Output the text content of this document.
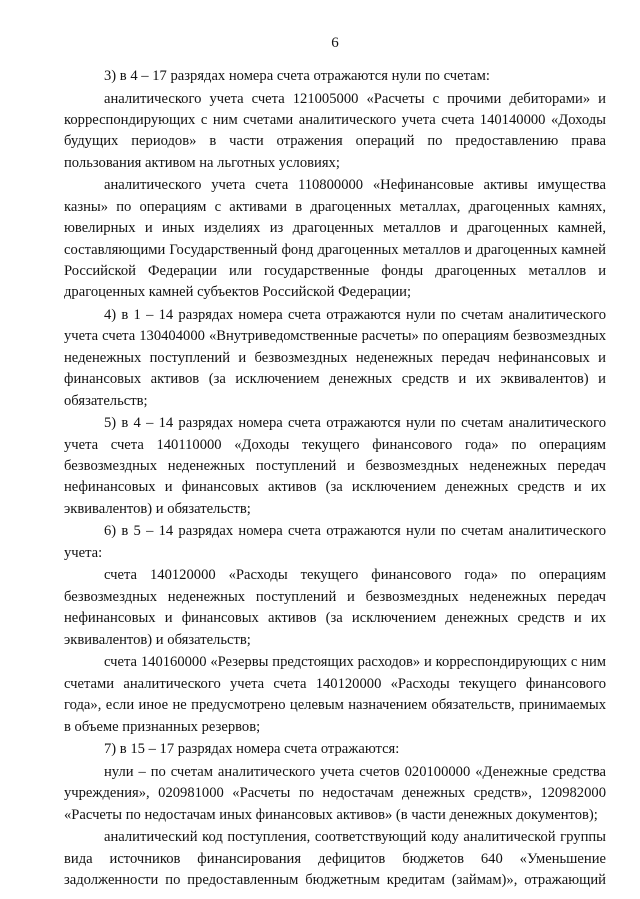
6

3) в 4 – 17 разрядах номера счета отражаются нули по счетам:

аналитического учета счета 121005000 «Расчеты с прочими дебиторами» и корреспондирующих с ним счетами аналитического учета счета 140140000 «Доходы будущих периодов» в части отражения операций по предоставлению права пользования активом на льготных условиях;

аналитического учета счета 110800000 «Нефинансовые активы имущества казны» по операциям с активами в драгоценных металлах, драгоценных камнях, ювелирных и иных изделиях из драгоценных металлов и драгоценных камней, составляющими Государственный фонд драгоценных металлов и драгоценных камней Российской Федерации или государственные фонды драгоценных металлов и драгоценных камней субъектов Российской Федерации;

4) в 1 – 14 разрядах номера счета отражаются нули по счетам аналитического учета счета 130404000 «Внутриведомственные расчеты» по операциям безвозмездных неденежных поступлений и безвозмездных неденежных передач нефинансовых и финансовых активов (за исключением денежных средств и их эквивалентов) и обязательств;

5) в 4 – 14 разрядах номера счета отражаются нули по счетам аналитического учета счета 140110000 «Доходы текущего финансового года» по операциям безвозмездных неденежных поступлений и безвозмездных неденежных передач нефинансовых и финансовых активов (за исключением денежных средств и их эквивалентов) и обязательств;

6) в 5 – 14 разрядах номера счета отражаются нули по счетам аналитического учета:

счета 140120000 «Расходы текущего финансового года» по операциям безвозмездных неденежных поступлений и безвозмездных неденежных передач нефинансовых и финансовых активов (за исключением денежных средств и их эквивалентов) и обязательств;

счета 140160000 «Резервы предстоящих расходов» и корреспондирующих с ним счетами аналитического учета счета 140120000 «Расходы текущего финансового года», если иное не предусмотрено целевым назначением обязательств, принимаемых в объеме признанных резервов;

7) в 15 – 17 разрядах номера счета отражаются:

нули – по счетам аналитического учета счетов 020100000 «Денежные средства учреждения», 020981000 «Расчеты по недостачам денежных средств», 120982000 «Расчеты по недостачам иных финансовых активов» (в части денежных документов);

аналитический код поступления, соответствующий коду аналитической группы вида источников финансирования дефицитов бюджетов 640 «Уменьшение задолженности по предоставленным бюджетным кредитам (займам)», отражающий
